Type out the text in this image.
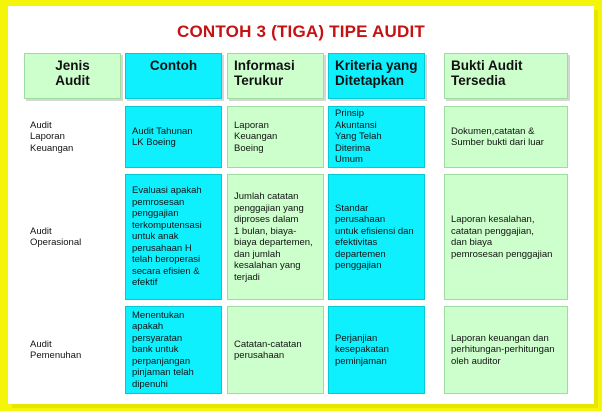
CONTOH 3 (TIGA) TIPE AUDIT
Jenis
Audit
Contoh	Informasi
Terukur
Kriteria yang
Ditetapkan
Bukti Audit
Tersedia
Audit
Laporan
Keuangan
Audit Tahunan
LK Boeing
Laporan
Keuangan
Boeing
Prinsip
Akuntansi
Yang Telah Diterima
Umum
Dokumen,catatan &
Sumber bukti dari luar
Audit
Operasional
Evaluasi apakah
pemrosesan
penggajian
terkomputensasi
untuk anak
perusahaan H
telah beroperasi
secara efisien &
efektif
Jumlah catatan
penggajian yang
diproses dalam
1 bulan, biaya-
biaya departemen,
dan jumlah
kesalahan yang
terjadi
Standar perusahaan
untuk efisiensi dan
efektivitas
departemen
penggajian
Laporan kesalahan,
catatan penggajian,
dan biaya
pemrosesan penggajian
Audit
Pemenuhan
Menentukan
apakah
persyaratan
bank untuk
perpanjangan
pinjaman telah
dipenuhi
Catatan-catatan
perusahaan
Perjanjian
kesepakatan
peminjaman
Laporan keuangan dan
perhitungan-perhitungan
oleh auditor
